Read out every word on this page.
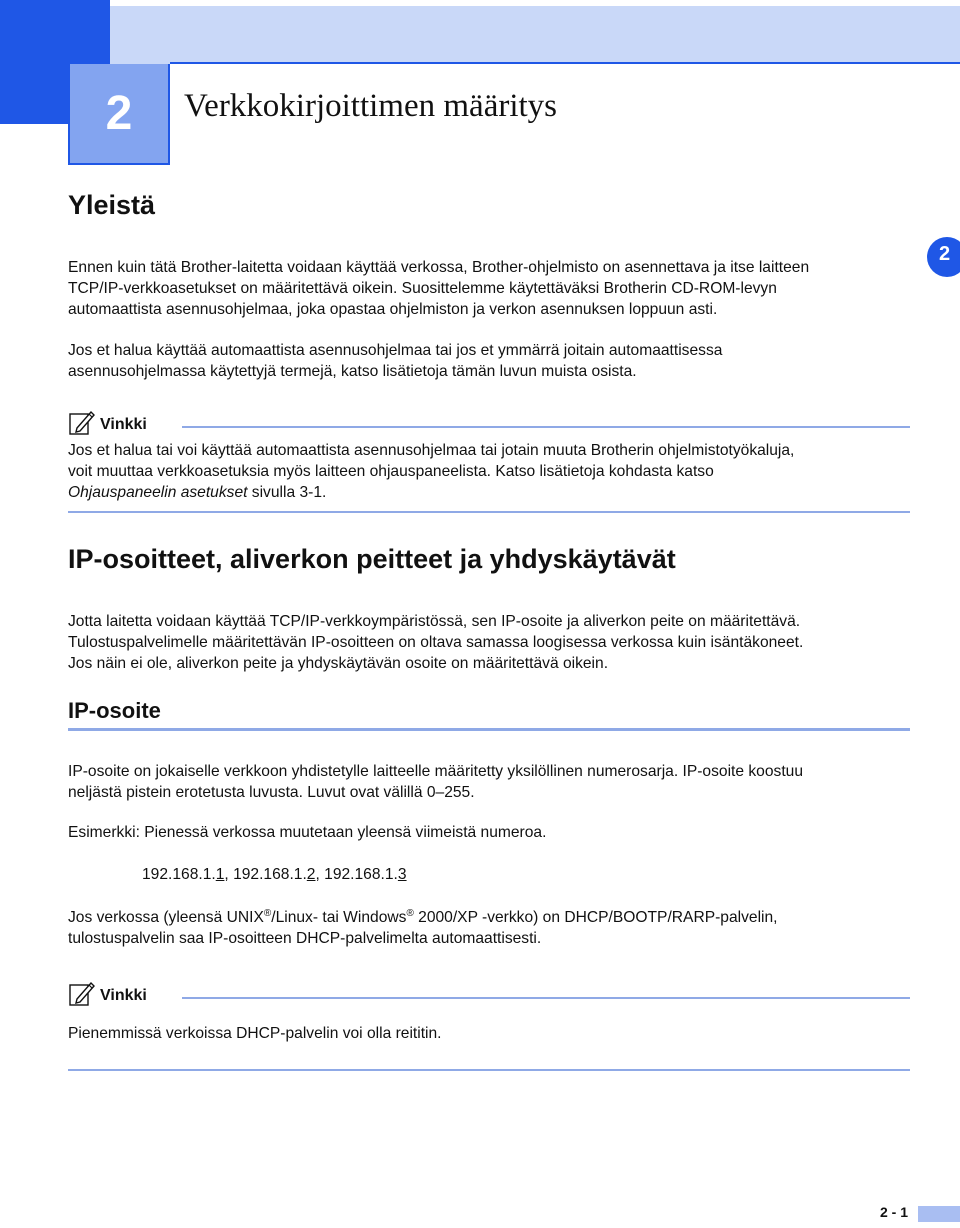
2 Verkkokirjoittimen määritys
2
Yleistä
Ennen kuin tätä Brother-laitetta voidaan käyttää verkossa, Brother-ohjelmisto on asennettava ja itse laitteen
TCP/IP-verkkoasetukset on määritettävä oikein. Suosittelemme käytettäväksi Brotherin CD-ROM-levyn
automaattista asennusohjelmaa, joka opastaa ohjelmiston ja verkon asennuksen loppuun asti.
Jos et halua käyttää automaattista asennusohjelmaa tai jos et ymmärrä joitain automaattisessa
asennusohjelmassa käytettyjä termejä, katso lisätietoja tämän luvun muista osista.
Vinkki
Jos et halua tai voi käyttää automaattista asennusohjelmaa tai jotain muuta Brotherin ohjelmistotyökaluja,
voit muuttaa verkkoasetuksia myös laitteen ohjauspaneelista. Katso lisätietoja kohdasta katso
Ohjauspaneelin asetukset sivulla 3-1.
IP-osoitteet, aliverkon peitteet ja yhdyskäytävät
Jotta laitetta voidaan käyttää TCP/IP-verkkoympäristössä, sen IP-osoite ja aliverkon peite on määritettävä.
Tulostuspalvelimelle määritettävän IP-osoitteen on oltava samassa loogisessa verkossa kuin isäntäkoneet.
Jos näin ei ole, aliverkon peite ja yhdyskäytävän osoite on määritettävä oikein.
IP-osoite
IP-osoite on jokaiselle verkkoon yhdistetylle laitteelle määritetty yksilöllinen numerosarja. IP-osoite koostuu
neljästä pistein erotetusta luvusta. Luvut ovat välillä 0–255.
Esimerkki: Pienessä verkossa muutetaan yleensä viimeistä numeroa.
192.168.1.1, 192.168.1.2, 192.168.1.3
Jos verkossa (yleensä UNIX®/Linux- tai Windows® 2000/XP -verkko) on DHCP/BOOTP/RARP-palvelin,
tulostuspalvelin saa IP-osoitteen DHCP-palvelimelta automaattisesti.
Vinkki
Pienemmissä verkoissa DHCP-palvelin voi olla reititin.
2 - 1
